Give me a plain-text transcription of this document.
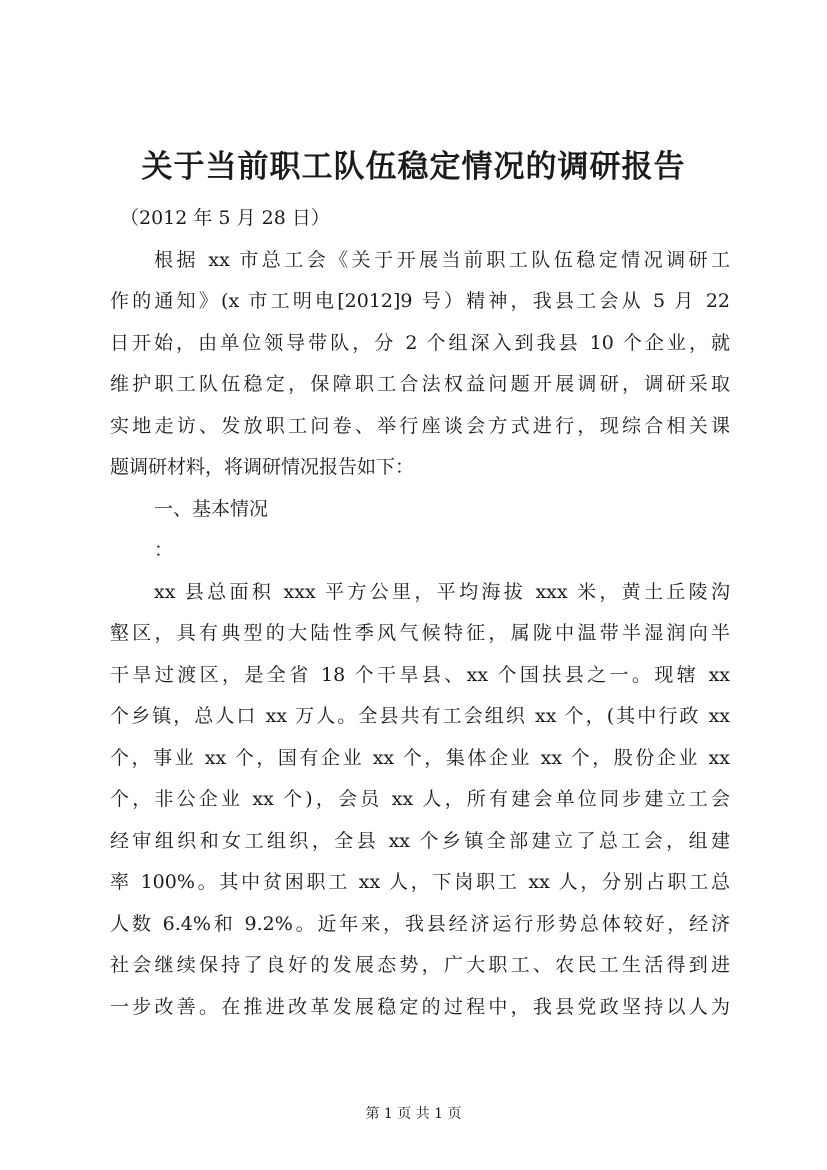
关于当前职工队伍稳定情况的调研报告
（2012 年 5 月 28 日）
根据 xx 市总工会《关于开展当前职工队伍稳定情况调研工
作的通知》(x 市工明电[2012]9 号）精神，我县工会从 5 月 22
日开始，由单位领导带队，分 2 个组深入到我县 10 个企业，就
维护职工队伍稳定，保障职工合法权益问题开展调研，调研采取
实地走访、发放职工问卷、举行座谈会方式进行，现综合相关课
题调研材料，将调研情况报告如下：
一、基本情况
：
xx 县总面积 xxx 平方公里，平均海拔 xxx 米，黄土丘陵沟
壑区，具有典型的大陆性季风气候特征，属陇中温带半湿润向半
干旱过渡区，是全省 18 个干旱县、xx 个国扶县之一。现辖 xx
个乡镇，总人口 xx 万人。全县共有工会组织 xx 个，(其中行政 xx
个，事业 xx 个，国有企业 xx 个，集体企业 xx 个，股份企业 xx
个，非公企业 xx 个)，会员 xx 人，所有建会单位同步建立工会
经审组织和女工组织，全县 xx 个乡镇全部建立了总工会，组建
率 100%。其中贫困职工 xx 人，下岗职工 xx 人，分别占职工总
人数 6.4%和 9.2%。近年来，我县经济运行形势总体较好，经济
社会继续保持了良好的发展态势，广大职工、农民工生活得到进
一步改善。在推进改革发展稳定的过程中，我县党政坚持以人为
第 1 页 共 1 页
